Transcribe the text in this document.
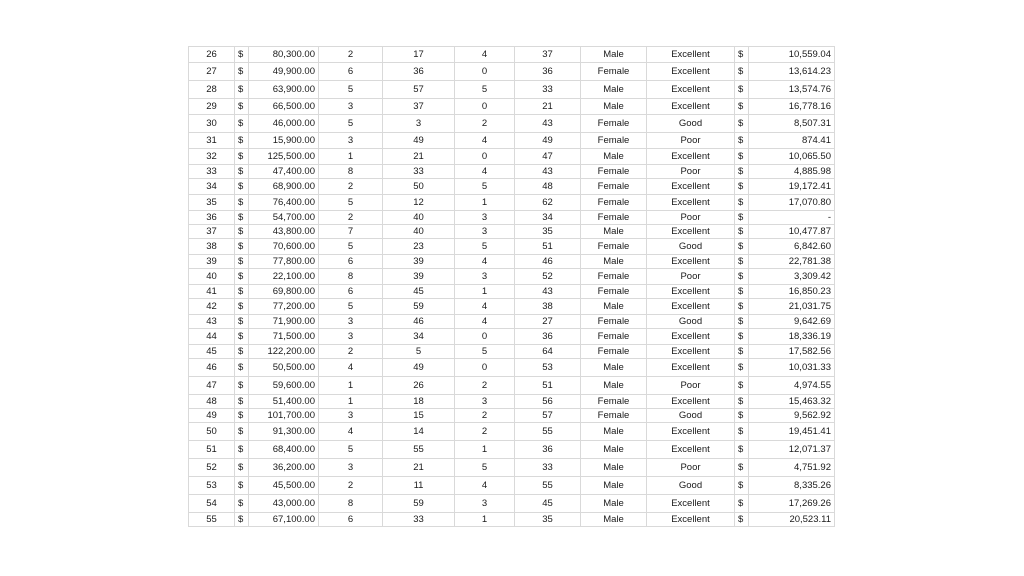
26	$	80,300.00	2	17	4	37	Male	Excellent	$	10,559.04
27	$	49,900.00	6	36	0	36	Female	Excellent	$	13,614.23
28	$	63,900.00	5	57	5	33	Male	Excellent	$	13,574.76
29	$	66,500.00	3	37	0	21	Male	Excellent	$	16,778.16
30	$	46,000.00	5	3	2	43	Female	Good	$	8,507.31
31	$	15,900.00	3	49	4	49	Female	Poor	$	874.41
32	$	125,500.00	1	21	0	47	Male	Excellent	$	10,065.50
33	$	47,400.00	8	33	4	43	Female	Poor	$	4,885.98
34	$	68,900.00	2	50	5	48	Female	Excellent	$	19,172.41
35	$	76,400.00	5	12	1	62	Female	Excellent	$	17,070.80
36	$	54,700.00	2	40	3	34	Female	Poor	$	-
37	$	43,800.00	7	40	3	35	Male	Excellent	$	10,477.87
38	$	70,600.00	5	23	5	51	Female	Good	$	6,842.60
39	$	77,800.00	6	39	4	46	Male	Excellent	$	22,781.38
40	$	22,100.00	8	39	3	52	Female	Poor	$	3,309.42
41	$	69,800.00	6	45	1	43	Female	Excellent	$	16,850.23
42	$	77,200.00	5	59	4	38	Male	Excellent	$	21,031.75
43	$	71,900.00	3	46	4	27	Female	Good	$	9,642.69
44	$	71,500.00	3	34	0	36	Female	Excellent	$	18,336.19
45	$	122,200.00	2	5	5	64	Female	Excellent	$	17,582.56
46	$	50,500.00	4	49	0	53	Male	Excellent	$	10,031.33
47	$	59,600.00	1	26	2	51	Male	Poor	$	4,974.55
48	$	51,400.00	1	18	3	56	Female	Excellent	$	15,463.32
49	$	101,700.00	3	15	2	57	Female	Good	$	9,562.92
50	$	91,300.00	4	14	2	55	Male	Excellent	$	19,451.41
51	$	68,400.00	5	55	1	36	Male	Excellent	$	12,071.37
52	$	36,200.00	3	21	5	33	Male	Poor	$	4,751.92
53	$	45,500.00	2	11	4	55	Male	Good	$	8,335.26
54	$	43,000.00	8	59	3	45	Male	Excellent	$	17,269.26
55	$	67,100.00	6	33	1	35	Male	Excellent	$	20,523.11
